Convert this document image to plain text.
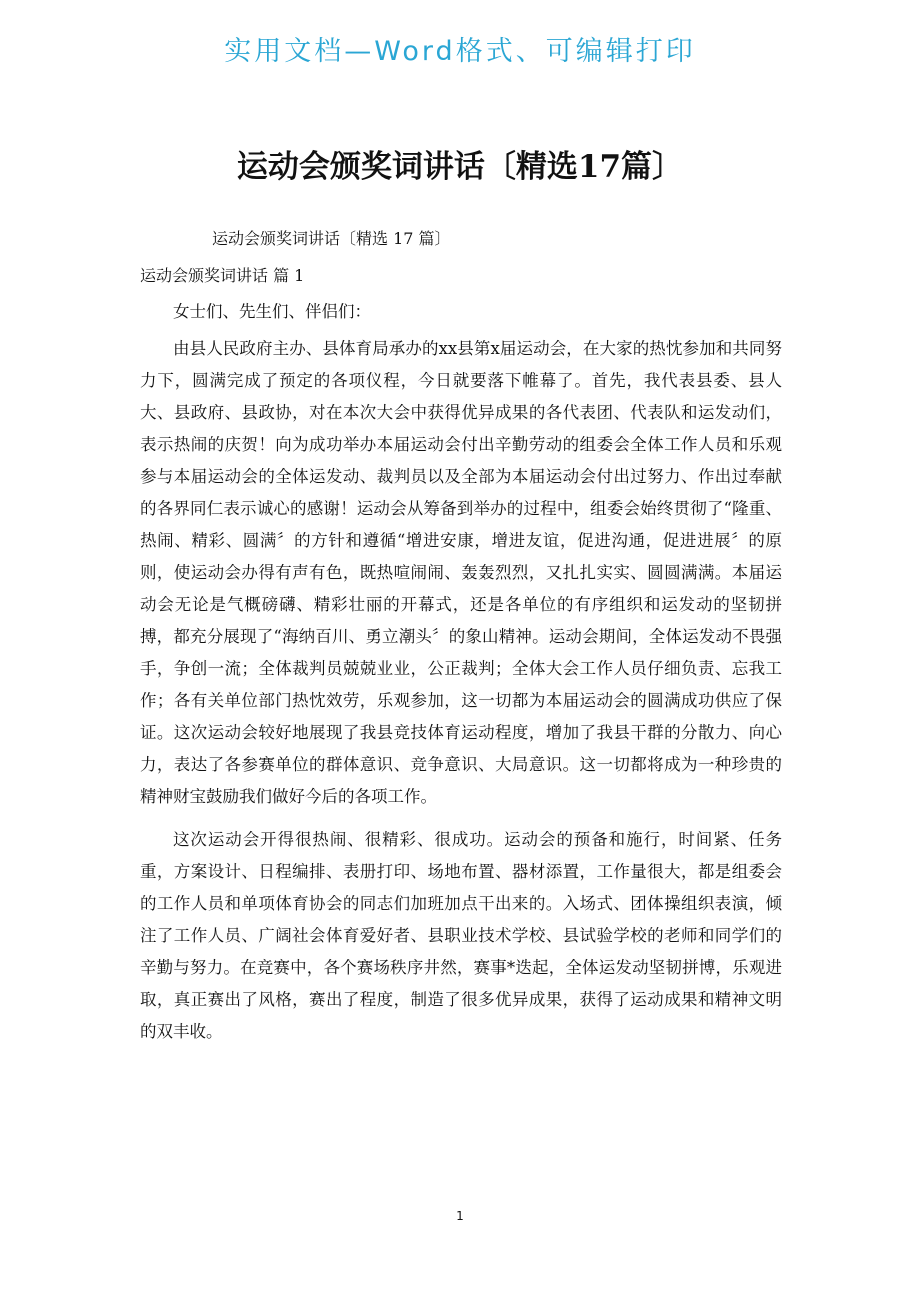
实用文档—Word格式、可编辑打印
运动会颁奖词讲话〔精选17篇〕
运动会颁奖词讲话〔精选 17 篇〕
运动会颁奖词讲话 篇 1

女士们、先生们、伴侣们：

由县人民政府主办、县体育局承办的xx县第x届运动会，在大家的热忱参加和共同努力下，圆满完成了预定的各项仪程，今日就要落下帷幕了。首先，我代表县委、县人大、县政府、县政协，对在本次大会中获得优异成果的各代表团、代表队和运发动们，表示热闹的庆贺！向为成功举办本届运动会付出辛勤劳动的组委会全体工作人员和乐观参与本届运动会的全体运发动、裁判员以及全部为本届运动会付出过努力、作出过奉献的各界同仁表示诚心的感谢！运动会从筹备到举办的过程中，组委会始终贯彻了“隆重、热闹、精彩、圆满〞的方针和遵循“增进安康，增进友谊，促进沟通，促进进展〞的原则，使运动会办得有声有色，既热喧闹闹、轰轰烈烈，又扎扎实实、圆圆满满。本届运动会无论是气概磅礴、精彩壮丽的开幕式，还是各单位的有序组织和运发动的坚韧拼搏，都充分展现了“海纳百川、勇立潮头〞的象山精神。运动会期间，全体运发动不畏强手，争创一流；全体裁判员兢兢业业，公正裁判；全体大会工作人员仔细负责、忘我工作；各有关单位部门热忱效劳，乐观参加，这一切都为本届运动会的圆满成功供应了保证。这次运动会较好地展现了我县竞技体育运动程度，增加了我县干群的分散力、向心力，表达了各参赛单位的群体意识、竞争意识、大局意识。这一切都将成为一种珍贵的精神财宝鼓励我们做好今后的各项工作。

这次运动会开得很热闹、很精彩、很成功。运动会的预备和施行，时间紧、任务重，方案设计、日程编排、表册打印、场地布置、器材添置，工作量很大，都是组委会的工作人员和单项体育协会的同志们加班加点干出来的。入场式、团体操组织表演，倾注了工作人员、广阔社会体育爱好者、县职业技术学校、县试验学校的老师和同学们的辛勤与努力。在竞赛中，各个赛场秩序井然，赛事*迭起，全体运发动坚韧拼博，乐观进取，真正赛出了风格，赛出了程度，制造了很多优异成果，获得了运动成果和精神文明的双丰收。

1
